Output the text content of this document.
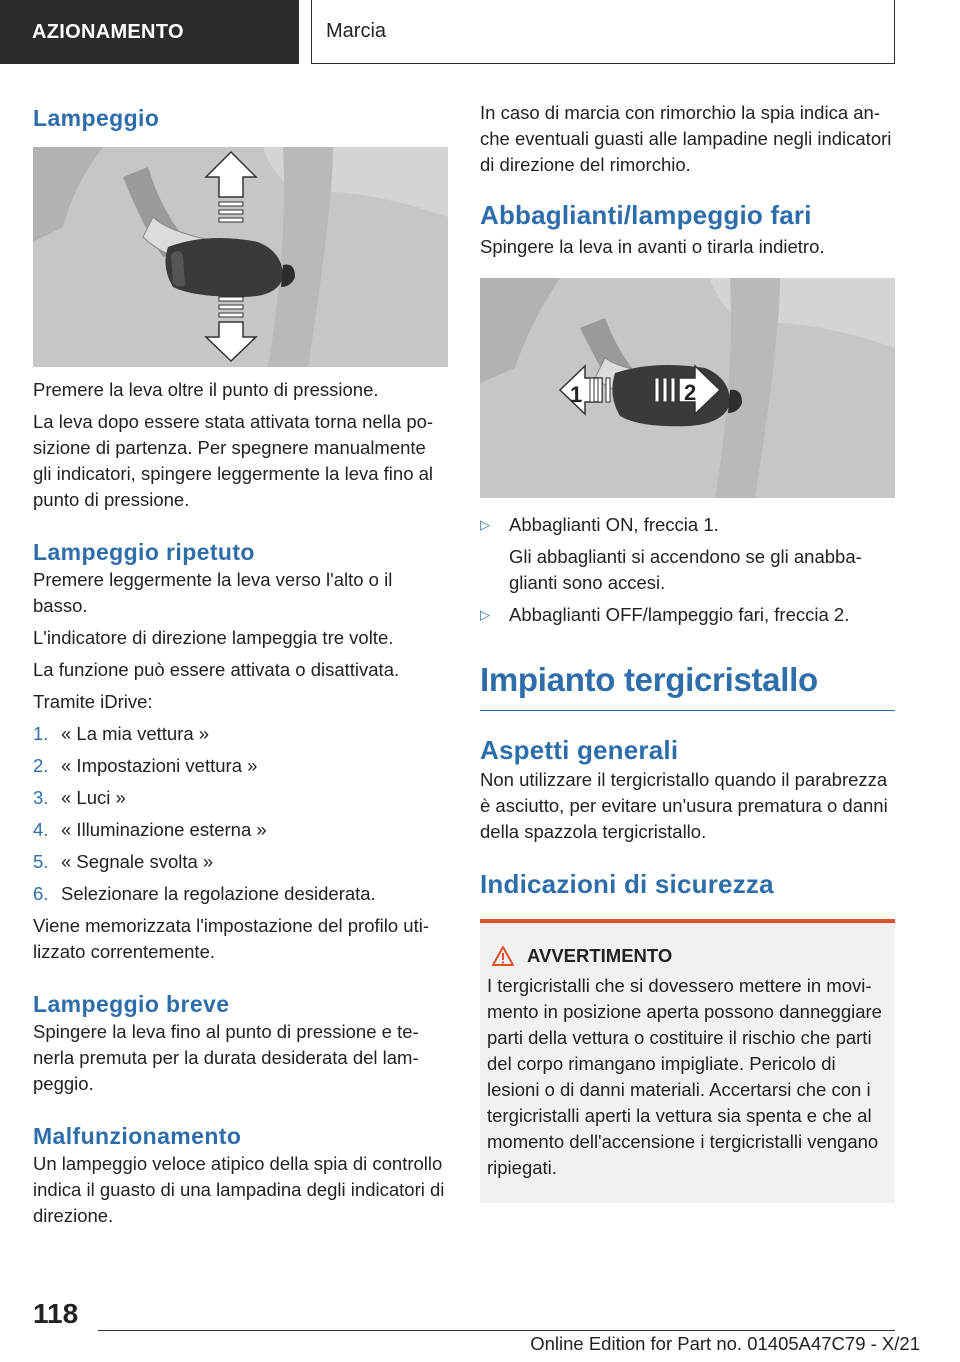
AZIONAMENTO	Marcia
Lampeggio

Premere la leva oltre il punto di pressione.

La leva dopo essere stata attivata torna nella posizione di partenza. Per spegnere manualmente gli indicatori, spingere leggermente la leva fino al punto di pressione.

Lampeggio ripetuto

Premere leggermente la leva verso l'alto o il basso.

L'indicatore di direzione lampeggia tre volte.

La funzione può essere attivata o disattivata.

Tramite iDrive:

1. « La mia vettura »
2. « Impostazioni vettura »
3. « Luci »
4. « Illuminazione esterna »
5. « Segnale svolta »
6. Selezionare la regolazione desiderata.

Viene memorizzata l'impostazione del profilo utilizzato correntemente.

Lampeggio breve

Spingere la leva fino al punto di pressione e tenerla premuta per la durata desiderata del lampeggio.

Malfunzionamento

Un lampeggio veloce atipico della spia di controllo indica il guasto di una lampadina degli indicatori di direzione.

In caso di marcia con rimorchio la spia indica anche eventuali guasti alle lampadine negli indicatori di direzione del rimorchio.

Abbaglianti/lampeggio fari

Spingere la leva in avanti o tirarla indietro.

1	2
▷	Abbaglianti ON, freccia 1.

Gli abbaglianti si accendono se gli anabbaglianti sono accesi.

▷	Abbaglianti OFF/lampeggio fari, freccia 2.
Impianto tergicristallo
Aspetti generali

Non utilizzare il tergicristallo quando il parabrezza è asciutto, per evitare un'usura prematura o danni della spazzola tergicristallo.

Indicazioni di sicurezza
AVVERTIMENTO

I tergicristalli che si dovessero mettere in movimento in posizione aperta possono danneggiare parti della vettura o costituire il rischio che parti del corpo rimangano impigliate. Pericolo di lesioni o di danni materiali. Accertarsi che con i tergicristalli aperti la vettura sia spenta e che al momento dell'accensione i tergicristalli vengano ripiegati.

118
Online Edition for Part no. 01405A47C79 - X/21
